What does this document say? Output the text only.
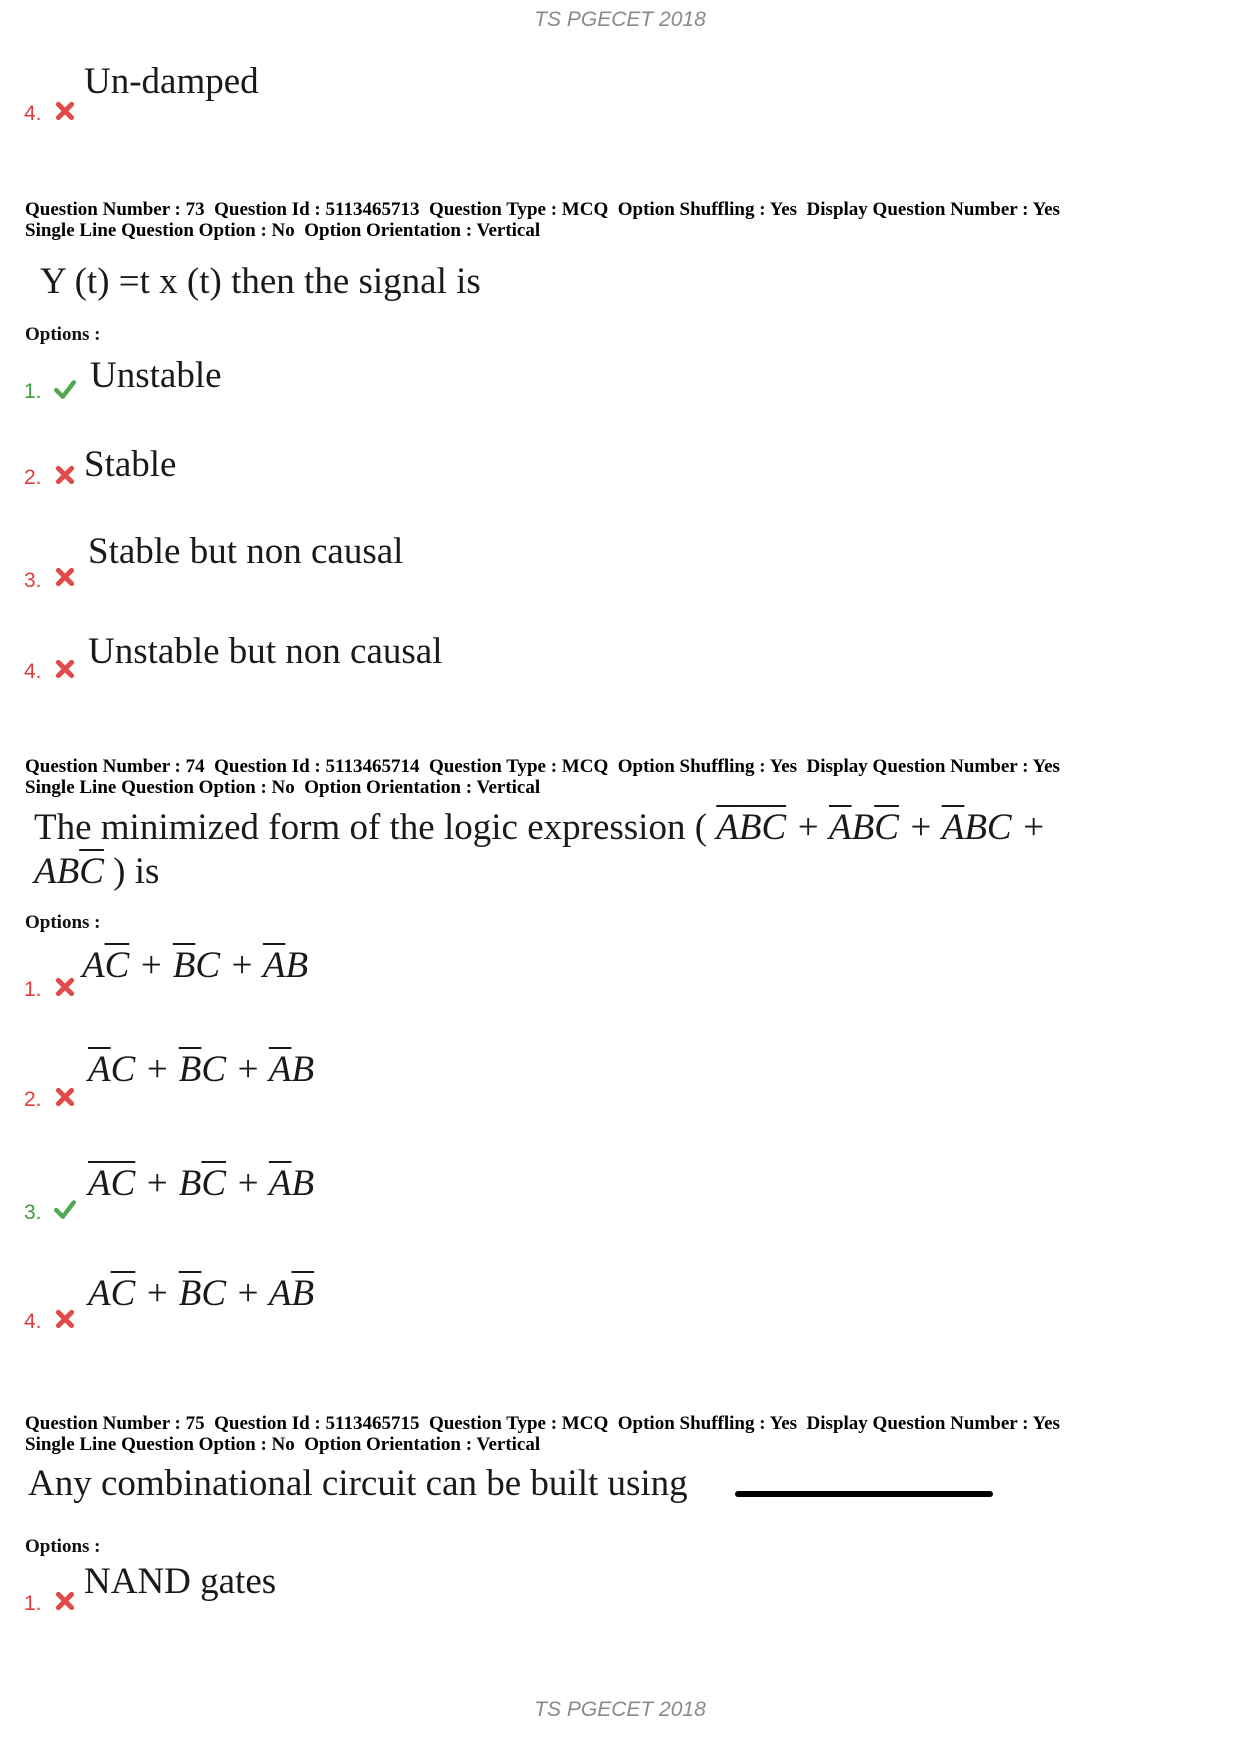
TS PGECET 2018
4.
Un-damped
Question Number : 73  Question Id : 5113465713  Question Type : MCQ  Option Shuffling : Yes  Display Question Number : Yes
Single Line Question Option : No  Option Orientation : Vertical
Y (t) =t x (t) then the signal is
Options :
1. Unstable
2. Stable
3.
Stable but non causal
4. Unstable but non causal
Question Number : 74  Question Id : 5113465714  Question Type : MCQ  Option Shuffling : Yes  Display Question Number : Yes
Single Line Question Option : No  Option Orientation : Vertical
The minimized form of the logic expression ( $\overline{A}\overline{B}\overline{C} + \overline{A}B\overline{C} + \overline{A}BC$ +
$AB\overline{C}$ ) is
Options :
1.
$A\overline{C} + \overline{B}C + \overline{A}B$
2.
$\overline{A}C + \overline{B}C + \overline{A}B$
3.
$\overline{A}\overline{C} + B\overline{C} + \overline{A}B$
4.
$A\overline{C} + \overline{B}C + A\overline{B}$
Question Number : 75  Question Id : 5113465715  Question Type : MCQ  Option Shuffling : Yes  Display Question Number : Yes
Single Line Question Option : No  Option Orientation : Vertical
Any combinational circuit can be built using
Options :
1.
NAND gates
TS PGECET 2018
